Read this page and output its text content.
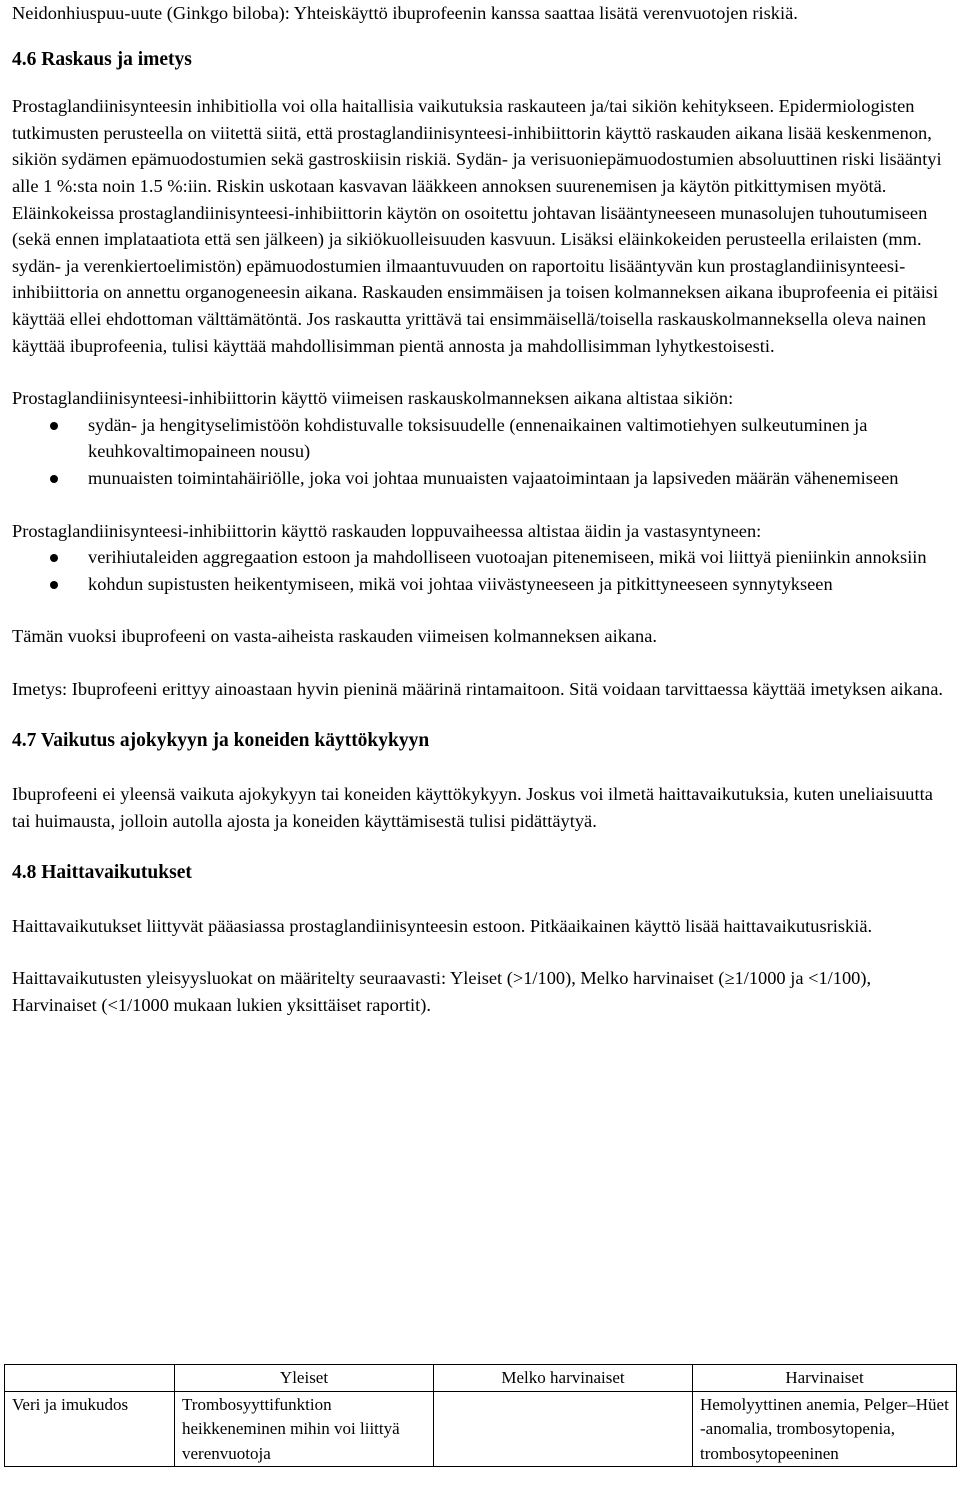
Neidonhiuspuu-uute (Ginkgo biloba): Yhteiskäyttö ibuprofeenin kanssa saattaa lisätä verenvuotojen riskiä.

4.6 Raskaus ja imetys

Prostaglandiinisynteesin inhibitiolla voi olla haitallisia vaikutuksia raskauteen ja/tai sikiön kehitykseen. Epidermiologisten tutkimusten perusteella on viitettä siitä, että prostaglandiinisynteesi-inhibiittorin käyttö raskauden aikana lisää keskenmenon, sikiön sydämen epämuodostumien sekä gastroskiisin riskiä. Sydän- ja verisuoniepämuodostumien absoluuttinen riski lisääntyi alle 1 %:sta noin 1.5 %:iin. Riskin uskotaan kasvavan lääkkeen annoksen suurenemisen ja käytön pitkittymisen myötä. Eläinkokeissa prostaglandiinisynteesi-inhibiittorin käytön on osoitettu johtavan lisääntyneeseen munasolujen tuhoutumiseen (sekä ennen implataatiota että sen jälkeen) ja sikiökuolleisuuden kasvuun. Lisäksi eläinkokeiden perusteella erilaisten (mm. sydän- ja verenkiertoelimistön) epämuodostumien ilmaantuvuuden on raportoitu lisääntyvän kun prostaglandiinisynteesi-inhibiittoria on annettu organogeneesin aikana. Raskauden ensimmäisen ja toisen kolmanneksen aikana ibuprofeenia ei pitäisi käyttää ellei ehdottoman välttämätöntä. Jos raskautta yrittävä tai ensimmäisellä/toisella raskauskolmanneksella oleva nainen käyttää ibuprofeenia, tulisi käyttää mahdollisimman pientä annosta ja mahdollisimman lyhytkestoisesti.

Prostaglandiinisynteesi-inhibiittorin käyttö viimeisen raskauskolmanneksen aikana altistaa sikiön:

sydän- ja hengityselimistöön kohdistuvalle toksisuudelle (ennenaikainen valtimotiehyen sulkeutuminen ja keuhkovaltimopaineen nousu)
munuaisten toimintahäiriölle, joka voi johtaa munuaisten vajaatoimintaan ja lapsiveden määrän vähenemiseen

Prostaglandiinisynteesi-inhibiittorin käyttö raskauden loppuvaiheessa altistaa äidin ja vastasyntyneen:

verihiutaleiden aggregaation estoon ja mahdolliseen vuotoajan pitenemiseen, mikä voi liittyä pieniinkin annoksiin
kohdun supistusten heikentymiseen, mikä voi johtaa viivästyneeseen ja pitkittyneeseen synnytykseen

Tämän vuoksi ibuprofeeni on vasta-aiheista raskauden viimeisen kolmanneksen aikana.

Imetys: Ibuprofeeni erittyy ainoastaan hyvin pieninä määrinä rintamaitoon. Sitä voidaan tarvittaessa käyttää imetyksen aikana.

4.7 Vaikutus ajokykyyn ja koneiden käyttökykyyn

Ibuprofeeni ei yleensä vaikuta ajokykyyn tai koneiden käyttökykyyn. Joskus voi ilmetä haittavaikutuksia, kuten uneliaisuutta tai huimausta, jolloin autolla ajosta ja koneiden käyttämisestä tulisi pidättäytyä.

4.8 Haittavaikutukset

Haittavaikutukset liittyvät pääasiassa prostaglandiinisynteesin estoon. Pitkäaikainen käyttö lisää haittavaikutusriskiä.

Haittavaikutusten yleisyysluokat on määritelty seuraavasti: Yleiset (>1/100), Melko harvinaiset (≥1/1000 ja <1/100), Harvinaiset (<1/1000 mukaan lukien yksittäiset raportit).

	Yleiset	Melko harvinaiset	Harvinaiset
Veri ja imukudos	Trombosyyttifunktion heikkeneminen mihin voi liittyä verenvuotoja		Hemolyyttinen anemia, Pelger–Hüet -anomalia, trombosytopenia, trombosytopeeninen
